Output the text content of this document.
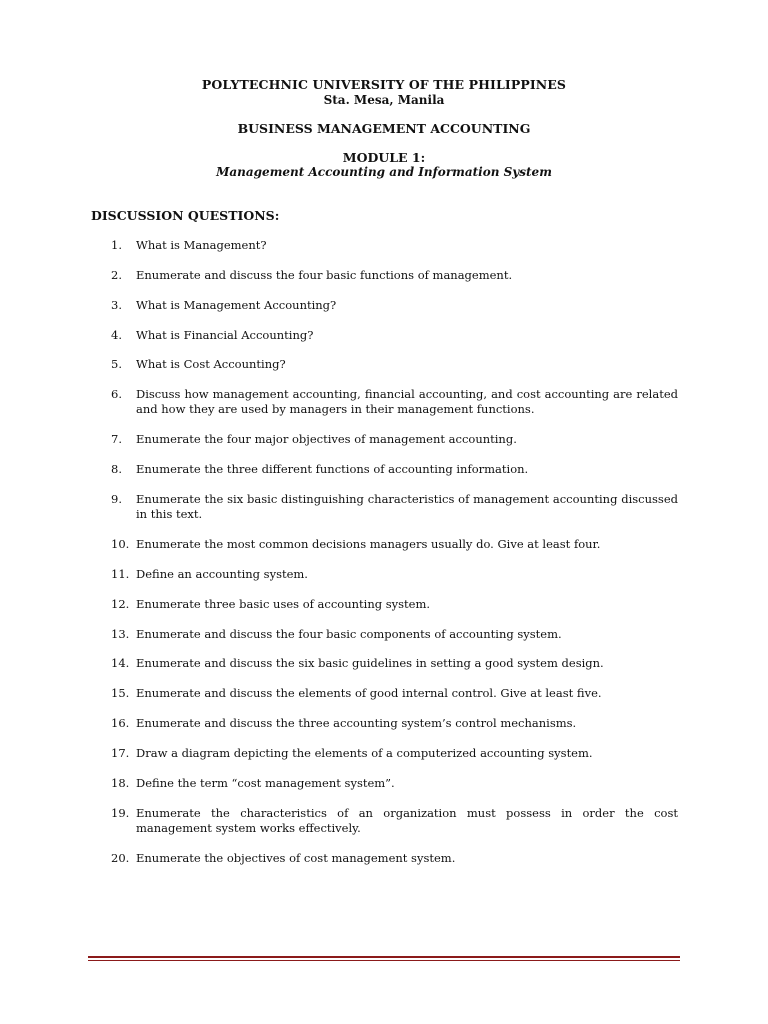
POLYTECHNIC UNIVERSITY OF THE PHILIPPINES
Sta. Mesa, Manila
BUSINESS MANAGEMENT ACCOUNTING
MODULE 1:
Management Accounting and Information System
DISCUSSION QUESTIONS:
1.	What is Management?
2.	Enumerate and discuss the four basic functions of management.
3.	What is Management Accounting?
4.	What is Financial Accounting?
5.	What is Cost Accounting?
6.	Discuss how management accounting, financial accounting, and cost accounting are related and how they are used by managers in their management functions.
7.	Enumerate the four major objectives of management accounting.
8.	Enumerate the three different functions of accounting information.
9.	Enumerate the six basic distinguishing characteristics of management accounting discussed in this text.
10. Enumerate the most common decisions managers usually do. Give at least four.
11. Define an accounting system.
12. Enumerate three basic uses of accounting system.
13. Enumerate and discuss the four basic components of accounting system.
14. Enumerate and discuss the six basic guidelines in setting a good system design.
15. Enumerate and discuss the elements of good internal control. Give at least five.
16. Enumerate and discuss the three accounting system’s control mechanisms.
17. Draw a diagram depicting the elements of a computerized accounting system.
18. Define the term “cost management system”.
19. Enumerate the characteristics of an organization must possess in order the cost management system works effectively.
20. Enumerate the objectives of cost management system.
